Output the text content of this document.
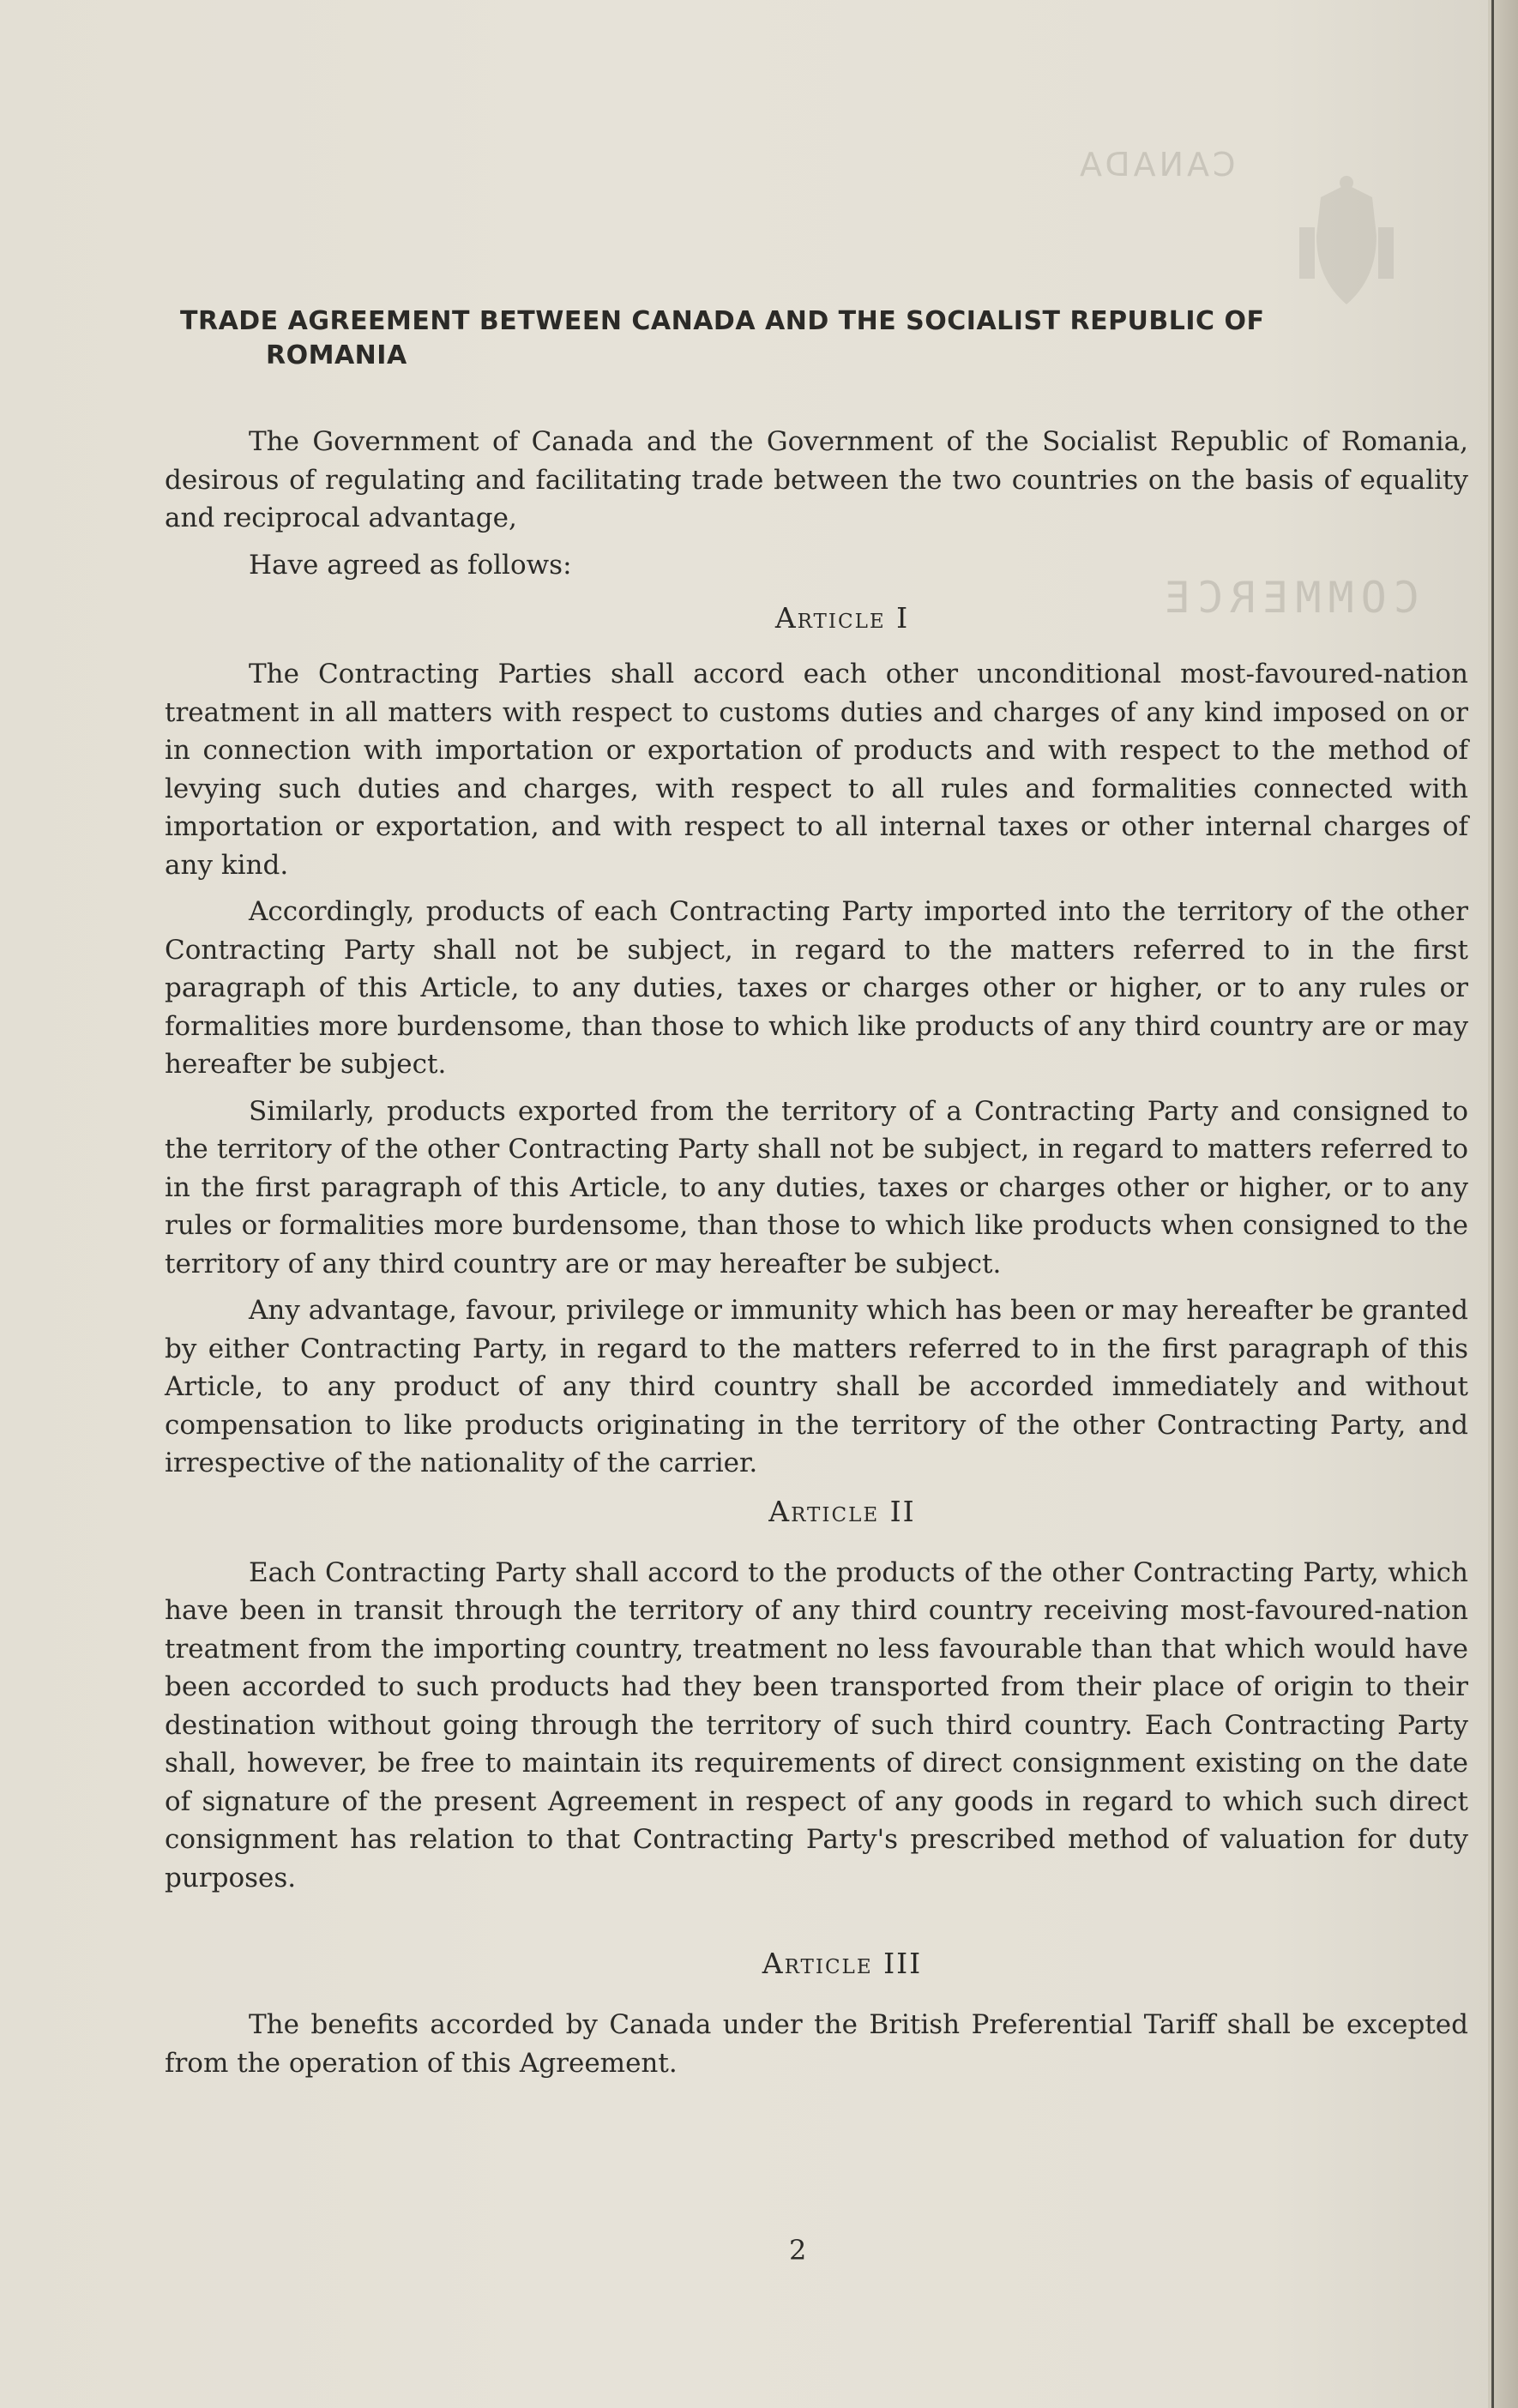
CANADA
COMMERCE
TRADE AGREEMENT BETWEEN CANADA AND THE SOCIALIST REPUBLIC OF
ROMANIA

The Government of Canada and the Government of the Socialist Republic of Romania, desirous of regulating and facilitating trade between the two countries on the basis of equality and reciprocal advantage,

Have agreed as follows:

Article I

The Contracting Parties shall accord each other unconditional most-favoured-nation treatment in all matters with respect to customs duties and charges of any kind imposed on or in connection with importation or exportation of products and with respect to the method of levying such duties and charges, with respect to all rules and formalities connected with importation or exportation, and with respect to all internal taxes or other internal charges of any kind.

Accordingly, products of each Contracting Party imported into the territory of the other Contracting Party shall not be subject, in regard to the matters referred to in the first paragraph of this Article, to any duties, taxes or charges other or higher, or to any rules or formalities more burdensome, than those to which like products of any third country are or may hereafter be subject.

Similarly, products exported from the territory of a Contracting Party and consigned to the territory of the other Contracting Party shall not be subject, in regard to matters referred to in the first paragraph of this Article, to any duties, taxes or charges other or higher, or to any rules or formalities more burdensome, than those to which like products when consigned to the territory of any third country are or may hereafter be subject.

Any advantage, favour, privilege or immunity which has been or may hereafter be granted by either Contracting Party, in regard to the matters referred to in the first paragraph of this Article, to any product of any third country shall be accorded immediately and without compensation to like products originating in the territory of the other Contracting Party, and irrespective of the nationality of the carrier.

Article II

Each Contracting Party shall accord to the products of the other Contracting Party, which have been in transit through the territory of any third country receiving most-favoured-nation treatment from the importing country, treatment no less favourable than that which would have been accorded to such products had they been transported from their place of origin to their destination without going through the territory of such third country. Each Contracting Party shall, however, be free to maintain its requirements of direct consignment existing on the date of signature of the present Agreement in respect of any goods in regard to which such direct consignment has relation to that Contracting Party's prescribed method of valuation for duty purposes.

Article III

The benefits accorded by Canada under the British Preferential Tariff shall be excepted from the operation of this Agreement.

2
